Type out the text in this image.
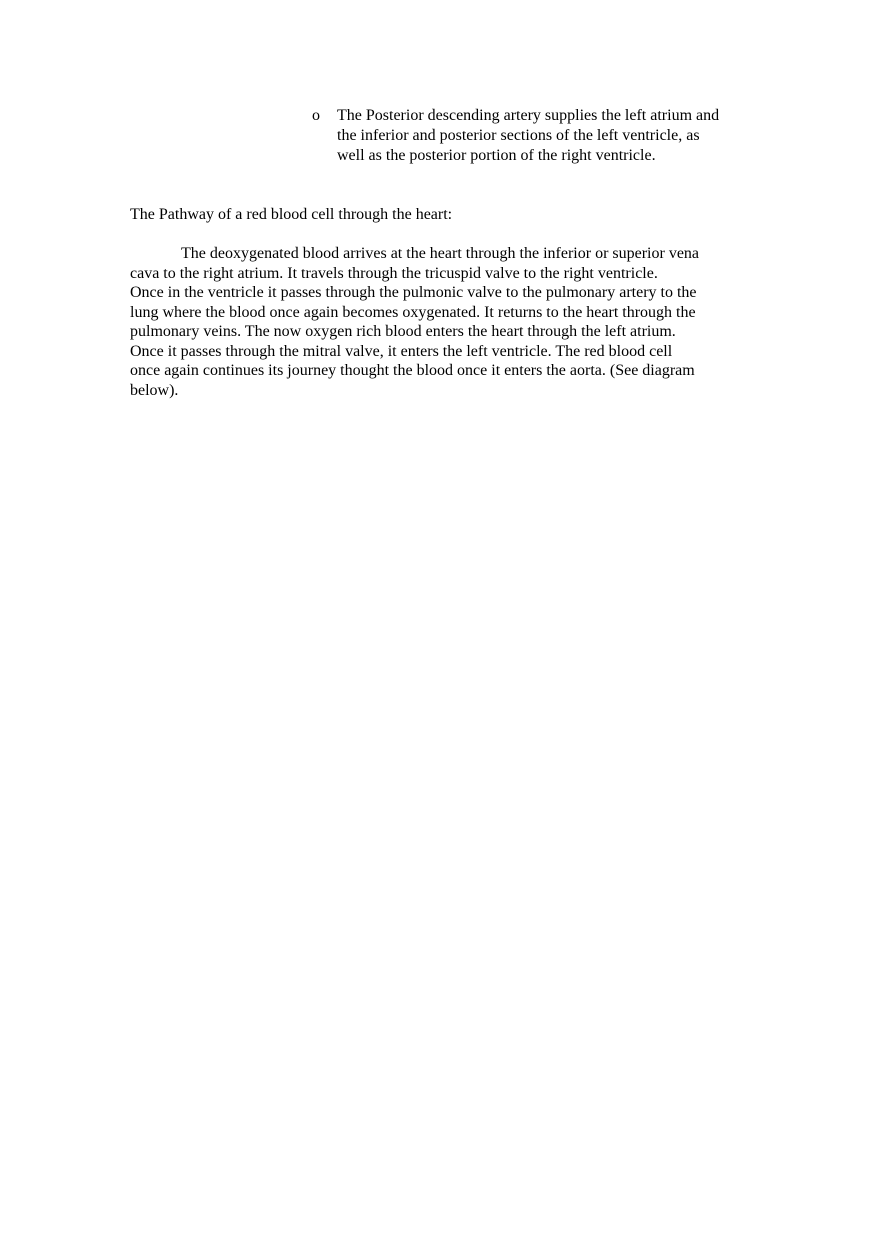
o	The Posterior descending artery supplies the left atrium and
the inferior and posterior sections of the left ventricle, as
well as the posterior portion of the right ventricle.
The Pathway of a red blood cell through the heart:
The deoxygenated blood arrives at the heart through the inferior or superior vena
cava to the right atrium. It travels through the tricuspid valve to the right ventricle.
Once in the ventricle it passes through the pulmonic valve to the pulmonary artery to the
lung where the blood once again becomes oxygenated. It returns to the heart through the
pulmonary veins. The now oxygen rich blood enters the heart through the left atrium.
Once it passes through the mitral valve, it enters the left ventricle. The red blood cell
once again continues its journey thought the blood once it enters the aorta. (See diagram
below).
